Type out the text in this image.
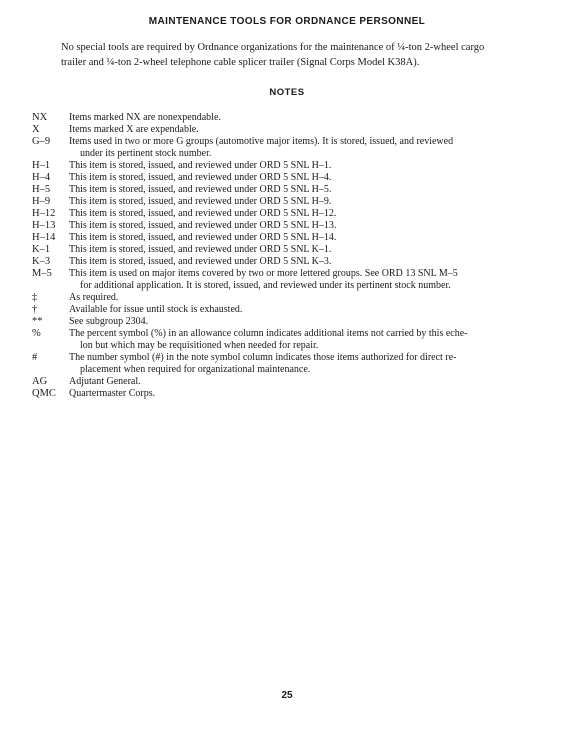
MAINTENANCE TOOLS FOR ORDNANCE PERSONNEL
No special tools are required by Ordnance organizations for the maintenance of ¼-ton 2-wheel cargo
trailer and ¼-ton 2-wheel telephone cable splicer trailer (Signal Corps Model K38A).
NOTES
NX	Items marked NX are nonexpendable.
X	Items marked X are expendable.
G–9	Items used in two or more G groups (automotive major items). It is stored, issued, and reviewed
under its pertinent stock number.
H–1	This item is stored, issued, and reviewed under ORD 5 SNL H–1.
H–4	This item is stored, issued, and reviewed under ORD 5 SNL H–4.
H–5	This item is stored, issued, and reviewed under ORD 5 SNL H–5.
H–9	This item is stored, issued, and reviewed under ORD 5 SNL H–9.
H–12	This item is stored, issued, and reviewed under ORD 5 SNL H–12.
H–13	This item is stored, issued, and reviewed under ORD 5 SNL H–13.
H–14	This item is stored, issued, and reviewed under ORD 5 SNL H–14.
K–1	This item is stored, issued, and reviewed under ORD 5 SNL K–1.
K–3	This item is stored, issued, and reviewed under ORD 5 SNL K–3.
M–5	This item is used on major items covered by two or more lettered groups. See ORD 13 SNL M–5
for additional application. It is stored, issued, and reviewed under its pertinent stock number.
‡	As required.
†	Available for issue until stock is exhausted.
**	See subgroup 2304.
%	The percent symbol (%) in an allowance column indicates additional items not carried by this eche-
lon but which may be requisitioned when needed for repair.
#	The number symbol (#) in the note symbol column indicates those items authorized for direct re-
placement when required for organizational maintenance.
AG	Adjutant General.
QMC	Quartermaster Corps.
25
